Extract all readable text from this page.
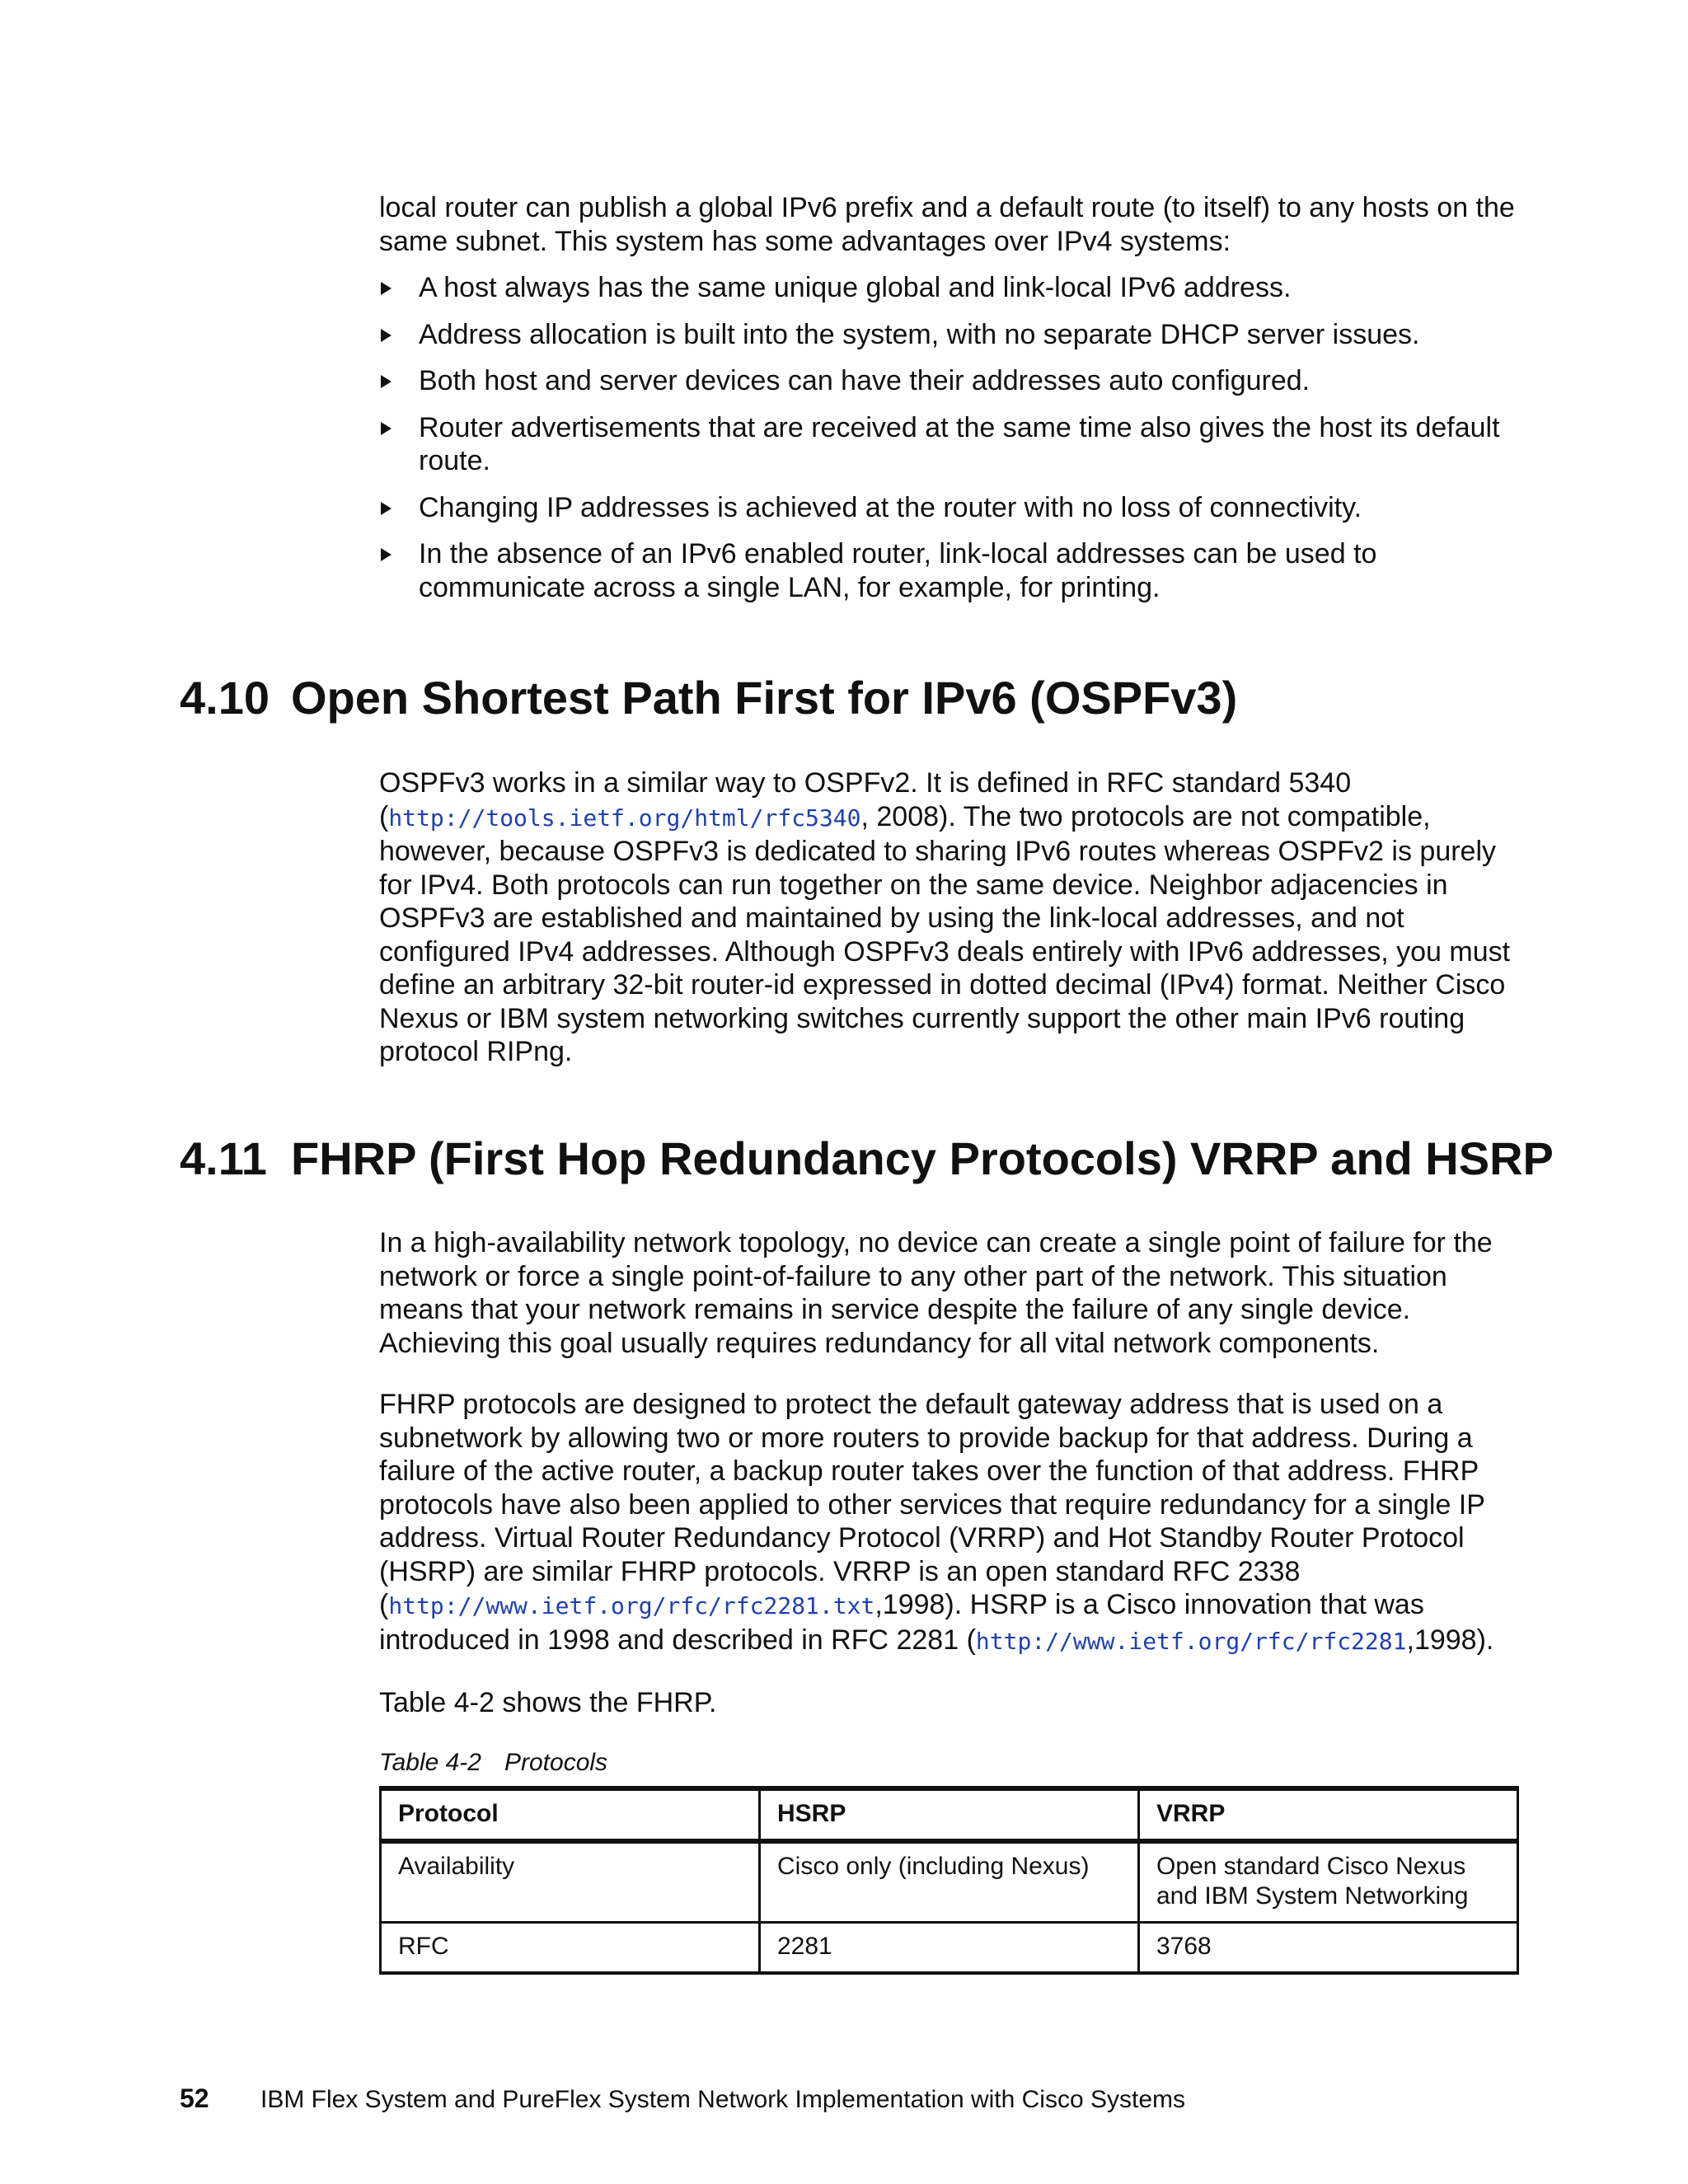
local router can publish a global IPv6 prefix and a default route (to itself) to any hosts on the same subnet. This system has some advantages over IPv4 systems:

A host always has the same unique global and link-local IPv6 address.
Address allocation is built into the system, with no separate DHCP server issues.
Both host and server devices can have their addresses auto configured.
Router advertisements that are received at the same time also gives the host its default route.
Changing IP addresses is achieved at the router with no loss of connectivity.
In the absence of an IPv6 enabled router, link-local addresses can be used to communicate across a single LAN, for example, for printing.
4.10 Open Shortest Path First for IPv6 (OSPFv3)

OSPFv3 works in a similar way to OSPFv2. It is defined in RFC standard 5340 (http://tools.ietf.org/html/rfc5340, 2008). The two protocols are not compatible, however, because OSPFv3 is dedicated to sharing IPv6 routes whereas OSPFv2 is purely for IPv4. Both protocols can run together on the same device. Neighbor adjacencies in OSPFv3 are established and maintained by using the link-local addresses, and not configured IPv4 addresses. Although OSPFv3 deals entirely with IPv6 addresses, you must define an arbitrary 32-bit router-id expressed in dotted decimal (IPv4) format. Neither Cisco Nexus or IBM system networking switches currently support the other main IPv6 routing protocol RIPng.

4.11 FHRP (First Hop Redundancy Protocols) VRRP and HSRP

In a high-availability network topology, no device can create a single point of failure for the network or force a single point-of-failure to any other part of the network. This situation means that your network remains in service despite the failure of any single device. Achieving this goal usually requires redundancy for all vital network components.

FHRP protocols are designed to protect the default gateway address that is used on a subnetwork by allowing two or more routers to provide backup for that address. During a failure of the active router, a backup router takes over the function of that address. FHRP protocols have also been applied to other services that require redundancy for a single IP address. Virtual Router Redundancy Protocol (VRRP) and Hot Standby Router Protocol (HSRP) are similar FHRP protocols. VRRP is an open standard RFC 2338 (http://www.ietf.org/rfc/rfc2281.txt,1998). HSRP is a Cisco innovation that was introduced in 1998 and described in RFC 2281 (http://www.ietf.org/rfc/rfc2281,1998).

Table 4-2 shows the FHRP.

Table 4-2 Protocols
Protocol	HSRP	VRRP
Availability	Cisco only (including Nexus)	Open standard Cisco Nexus and IBM System Networking
RFC	2281	3768
52 IBM Flex System and PureFlex System Network Implementation with Cisco Systems
